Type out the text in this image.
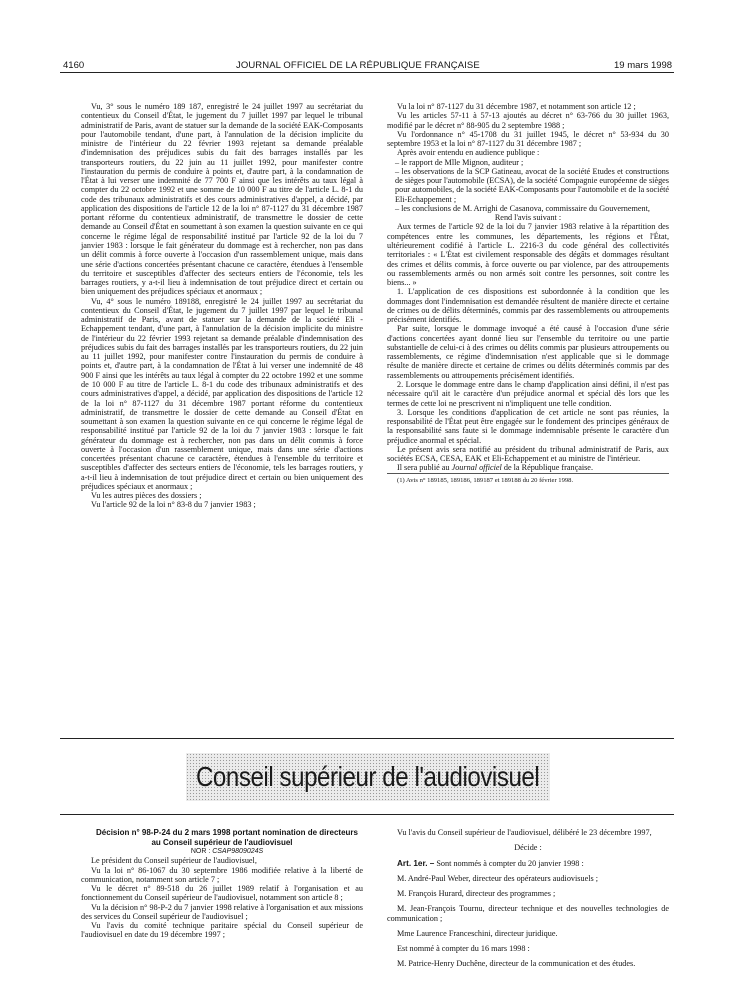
4160	JOURNAL OFFICIEL DE LA RÉPUBLIQUE FRANÇAISE	19 mars 1998

Vu, 3° sous le numéro 189 187, enregistré le 24 juillet 1997 au secrétariat du contentieux du Conseil d'État, le jugement du 7 juillet 1997 par lequel le tribunal administratif de Paris, avant de statuer sur la demande de la société EAK-Composants pour l'automobile tendant, d'une part, à l'annulation de la décision implicite du ministre de l'intérieur du 22 février 1993 rejetant sa demande préalable d'indemnisation des préjudices subis du fait des barrages installés par les transporteurs routiers, du 22 juin au 11 juillet 1992, pour manifester contre l'instauration du permis de conduire à points et, d'autre part, à la condamnation de l'État à lui verser une indemnité de 77 700 F ainsi que les intérêts au taux légal à compter du 22 octobre 1992 et une somme de 10 000 F au titre de l'article L. 8-1 du code des tribunaux administratifs et des cours administratives d'appel, a décidé, par application des dispositions de l'article 12 de la loi n° 87-1127 du 31 décembre 1987 portant réforme du contentieux administratif, de transmettre le dossier de cette demande au Conseil d'État en soumettant à son examen la question suivante en ce qui concerne le régime légal de responsabilité institué par l'article 92 de la loi du 7 janvier 1983 : lorsque le fait générateur du dommage est à rechercher, non pas dans un délit commis à force ouverte à l'occasion d'un rassemblement unique, mais dans une série d'actions concertées présentant chacune ce caractère, étendues à l'ensemble du territoire et susceptibles d'affecter des secteurs entiers de l'économie, tels les barrages routiers, y a-t-il lieu à indemnisation de tout préjudice direct et certain ou bien uniquement des préjudices spéciaux et anormaux ;

Vu, 4° sous le numéro 189188, enregistré le 24 juillet 1997 au secrétariat du contentieux du Conseil d'État, le jugement du 7 juillet 1997 par lequel le tribunal administratif de Paris, avant de statuer sur la demande de la société Eli - Echappement tendant, d'une part, à l'annulation de la décision implicite du ministre de l'intérieur du 22 février 1993 rejetant sa demande préalable d'indemnisation des préjudices subis du fait des barrages installés par les transporteurs routiers, du 22 juin au 11 juillet 1992, pour manifester contre l'instauration du permis de conduire à points et, d'autre part, à la condamnation de l'État à lui verser une indemnité de 48 900 F ainsi que les intérêts au taux légal à compter du 22 octobre 1992 et une somme de 10 000 F au titre de l'article L. 8-1 du code des tribunaux administratifs et des cours administratives d'appel, a décidé, par application des dispositions de l'article 12 de la loi n° 87-1127 du 31 décembre 1987 portant réforme du contentieux administratif, de transmettre le dossier de cette demande au Conseil d'État en soumettant à son examen la question suivante en ce qui concerne le régime légal de responsabilité institué par l'article 92 de la loi du 7 janvier 1983 : lorsque le fait générateur du dommage est à rechercher, non pas dans un délit commis à force ouverte à l'occasion d'un rassemblement unique, mais dans une série d'actions concertées présentant chacune ce caractère, étendues à l'ensemble du territoire et susceptibles d'affecter des secteurs entiers de l'économie, tels les barrages routiers, y a-t-il lieu à indemnisation de tout préjudice direct et certain ou bien uniquement des préjudices spéciaux et anormaux ;

Vu les autres pièces des dossiers ;

Vu l'article 92 de la loi n° 83-8 du 7 janvier 1983 ;

Vu la loi n° 87-1127 du 31 décembre 1987, et notamment son article 12 ;

Vu les articles 57-11 à 57-13 ajoutés au décret n° 63-766 du 30 juillet 1963, modifié par le décret n° 88-905 du 2 septembre 1988 ;

Vu l'ordonnance n° 45-1708 du 31 juillet 1945, le décret n° 53-934 du 30 septembre 1953 et la loi n° 87-1127 du 31 décembre 1987 ;

Après avoir entendu en audience publique :

– le rapport de Mlle Mignon, auditeur ;

– les observations de la SCP Gatineau, avocat de la société Etudes et constructions de sièges pour l'automobile (ECSA), de la société Compagnie européenne de sièges pour automobiles, de la société EAK-Composants pour l'automobile et de la société Eli-Echappement ;

– les conclusions de M. Arrighi de Casanova, commissaire du Gouvernement,

Rend l'avis suivant :

Aux termes de l'article 92 de la loi du 7 janvier 1983 relative à la répartition des compétences entre les communes, les départements, les régions et l'État, ultérieurement codifié à l'article L. 2216-3 du code général des collectivités territoriales : « L'État est civilement responsable des dégâts et dommages résultant des crimes et délits commis, à force ouverte ou par violence, par des attroupements ou rassemblements armés ou non armés soit contre les personnes, soit contre les biens... »

1. L'application de ces dispositions est subordonnée à la condition que les dommages dont l'indemnisation est demandée résultent de manière directe et certaine de crimes ou de délits déterminés, commis par des rassemblements ou attroupements précisément identifiés.

Par suite, lorsque le dommage invoqué a été causé à l'occasion d'une série d'actions concertées ayant donné lieu sur l'ensemble du territoire ou une partie substantielle de celui-ci à des crimes ou délits commis par plusieurs attroupements ou rassemblements, ce régime d'indemnisation n'est applicable que si le dommage résulte de manière directe et certaine de crimes ou délits déterminés commis par des rassemblements ou attroupements précisément identifiés.

2. Lorsque le dommage entre dans le champ d'application ainsi défini, il n'est pas nécessaire qu'il ait le caractère d'un préjudice anormal et spécial dès lors que les termes de cette loi ne prescrivent ni n'impliquent une telle condition.

3. Lorsque les conditions d'application de cet article ne sont pas réunies, la responsabilité de l'État peut être engagée sur le fondement des principes généraux de la responsabilité sans faute si le dommage indemnisable présente le caractère d'un préjudice anormal et spécial.

Le présent avis sera notifié au président du tribunal administratif de Paris, aux sociétés ECSA, CESA, EAK et Eli-Echappement et au ministre de l'intérieur.

Il sera publié au Journal officiel de la République française.

(1) Avis n° 189185, 189186, 189187 et 189188 du 20 février 1998.

Conseil supérieur de l'audiovisuel

Décision n° 98-P-24 du 2 mars 1998 portant nomination de directeurs au Conseil supérieur de l'audiovisuel

NOR : CSAP9809024S

Le président du Conseil supérieur de l'audiovisuel,

Vu la loi n° 86-1067 du 30 septembre 1986 modifiée relative à la liberté de communication, notamment son article 7 ;

Vu le décret n° 89-518 du 26 juillet 1989 relatif à l'organisation et au fonctionnement du Conseil supérieur de l'audiovisuel, notamment son article 8 ;

Vu la décision n° 98-P-2 du 7 janvier 1998 relative à l'organisation et aux missions des services du Conseil supérieur de l'audiovisuel ;

Vu l'avis du comité technique paritaire spécial du Conseil supérieur de l'audiovisuel en date du 19 décembre 1997 ;

Vu l'avis du Conseil supérieur de l'audiovisuel, délibéré le 23 décembre 1997,

Décide :

Art. 1er. – Sont nommés à compter du 20 janvier 1998 :

M. André-Paul Weber, directeur des opérateurs audiovisuels ;

M. François Hurard, directeur des programmes ;

M. Jean-François Tournu, directeur technique et des nouvelles technologies de communication ;

Mme Laurence Franceschini, directeur juridique.

Est nommé à compter du 16 mars 1998 :

M. Patrice-Henry Duchêne, directeur de la communication et des études.
